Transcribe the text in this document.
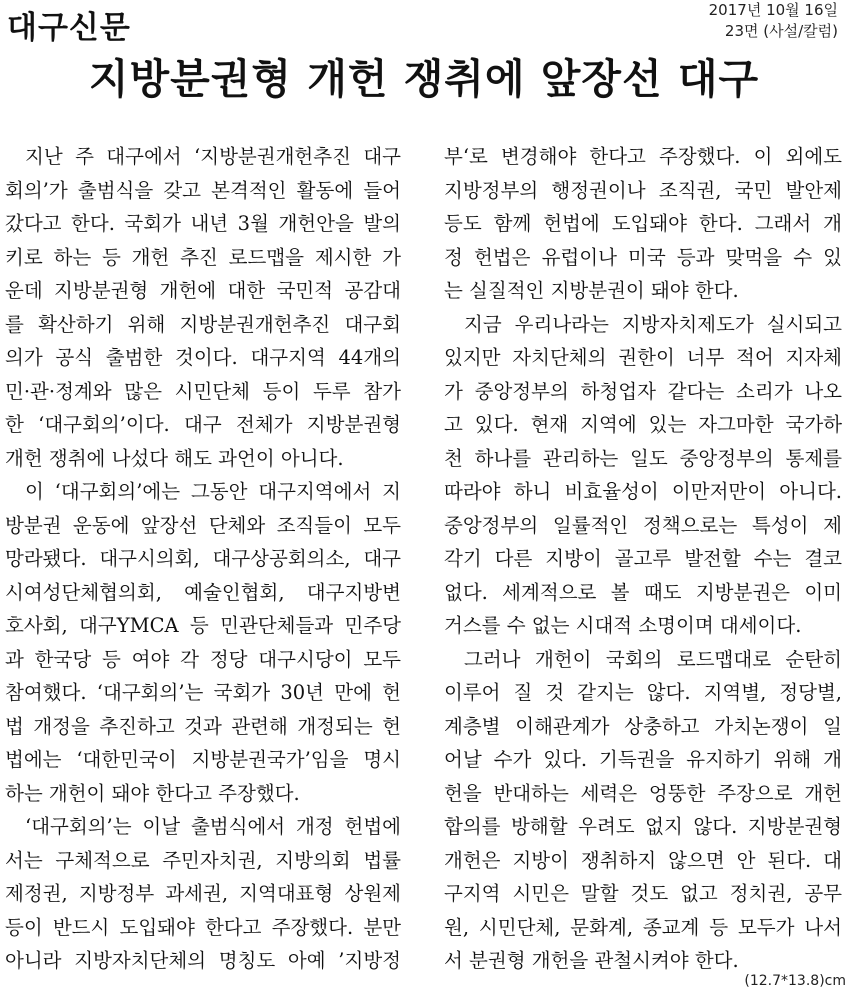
대구신문	2017년 10월 16일
23면 (사설/칼럼)
지방분권형 개헌 쟁취에 앞장선 대구
지난 주 대구에서 ‘지방분권개헌추진 대구
회의’가 출범식을 갖고 본격적인 활동에 들어
갔다고 한다. 국회가 내년 3월 개헌안을 발의
키로 하는 등 개헌 추진 로드맵을 제시한 가
운데 지방분권형 개헌에 대한 국민적 공감대
를 확산하기 위해 지방분권개헌추진 대구회
의가 공식 출범한 것이다. 대구지역 44개의
민·관·정계와 많은 시민단체 등이 두루 참가
한 ‘대구회의’이다. 대구 전체가 지방분권형
개헌 쟁취에 나섰다 해도 과언이 아니다.
이 ‘대구회의’에는 그동안 대구지역에서 지
방분권 운동에 앞장선 단체와 조직들이 모두
망라됐다. 대구시의회, 대구상공회의소, 대구
시여성단체협의회, 예술인협회, 대구지방변
호사회, 대구YMCA 등 민관단체들과 민주당
과 한국당 등 여야 각 정당 대구시당이 모두
참여했다. ‘대구회의’는 국회가 30년 만에 헌
법 개정을 추진하고 것과 관련해 개정되는 헌
법에는 ‘대한민국이 지방분권국가’임을 명시
하는 개헌이 돼야 한다고 주장했다.
‘대구회의’는 이날 출범식에서 개정 헌법에
서는 구체적으로 주민자치권, 지방의회 법률
제정권, 지방정부 과세권, 지역대표형 상원제
등이 반드시 도입돼야 한다고 주장했다. 분만
아니라 지방자치단체의 명칭도 아예 ’지방정
부‘로 변경해야 한다고 주장했다. 이 외에도
지방정부의 행정권이나 조직권, 국민 발안제
등도 함께 헌법에 도입돼야 한다. 그래서 개
정 헌법은 유럽이나 미국 등과 맞먹을 수 있
는 실질적인 지방분권이 돼야 한다.
지금 우리나라는 지방자치제도가 실시되고
있지만 자치단체의 권한이 너무 적어 지자체
가 중앙정부의 하청업자 같다는 소리가 나오
고 있다. 현재 지역에 있는 자그마한 국가하
천 하나를 관리하는 일도 중앙정부의 통제를
따라야 하니 비효율성이 이만저만이 아니다.
중앙정부의 일률적인 정책으로는 특성이 제
각기 다른 지방이 골고루 발전할 수는 결코
없다. 세계적으로 볼 때도 지방분권은 이미
거스를 수 없는 시대적 소명이며 대세이다.
그러나 개헌이 국회의 로드맵대로 순탄히
이루어 질 것 같지는 않다. 지역별, 정당별,
계층별 이해관계가 상충하고 가치논쟁이 일
어날 수가 있다. 기득권을 유지하기 위해 개
헌을 반대하는 세력은 엉뚱한 주장으로 개헌
합의를 방해할 우려도 없지 않다. 지방분권형
개헌은 지방이 쟁취하지 않으면 안 된다. 대
구지역 시민은 말할 것도 없고 정치권, 공무
원, 시민단체, 문화계, 종교계 등 모두가 나서
서 분권형 개헌을 관철시켜야 한다.
(12.7*13.8)cm
